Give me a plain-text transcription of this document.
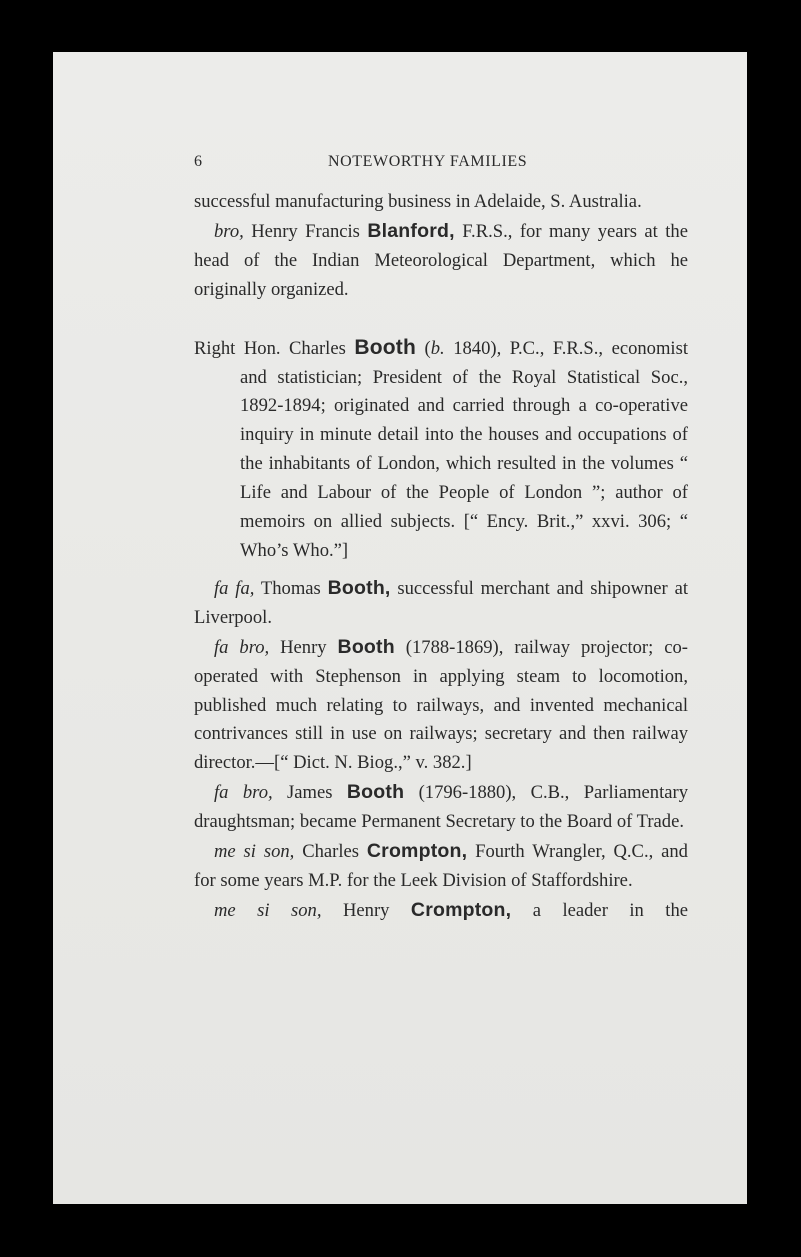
6	NOTEWORTHY FAMILIES

successful manufacturing business in Adelaide, S. Australia.

bro, Henry Francis Blanford, F.R.S., for many years at the head of the Indian Meteorological Department, which he originally organized.

Right Hon. Charles Booth (b. 1840), P.C., F.R.S., economist and statistician; President of the Royal Statistical Soc., 1892-1894; originated and carried through a co-operative inquiry in minute detail into the houses and occupations of the inhabitants of London, which resulted in the volumes “ Life and Labour of the People of London ”; author of memoirs on allied subjects. [“ Ency. Brit.,” xxvi. 306; “ Who’s Who.”]

fa fa, Thomas Booth, successful merchant and shipowner at Liverpool.

fa bro, Henry Booth (1788-1869), railway projector; co-operated with Stephenson in applying steam to locomotion, published much relating to railways, and invented mechanical contrivances still in use on railways; secretary and then railway director.—[“ Dict. N. Biog.,” v. 382.]

fa bro, James Booth (1796-1880), C.B., Parliamentary draughtsman; became Permanent Secretary to the Board of Trade.

me si son, Charles Crompton, Fourth Wrangler, Q.C., and for some years M.P. for the Leek Division of Staffordshire.

me si son, Henry Crompton, a leader in the
